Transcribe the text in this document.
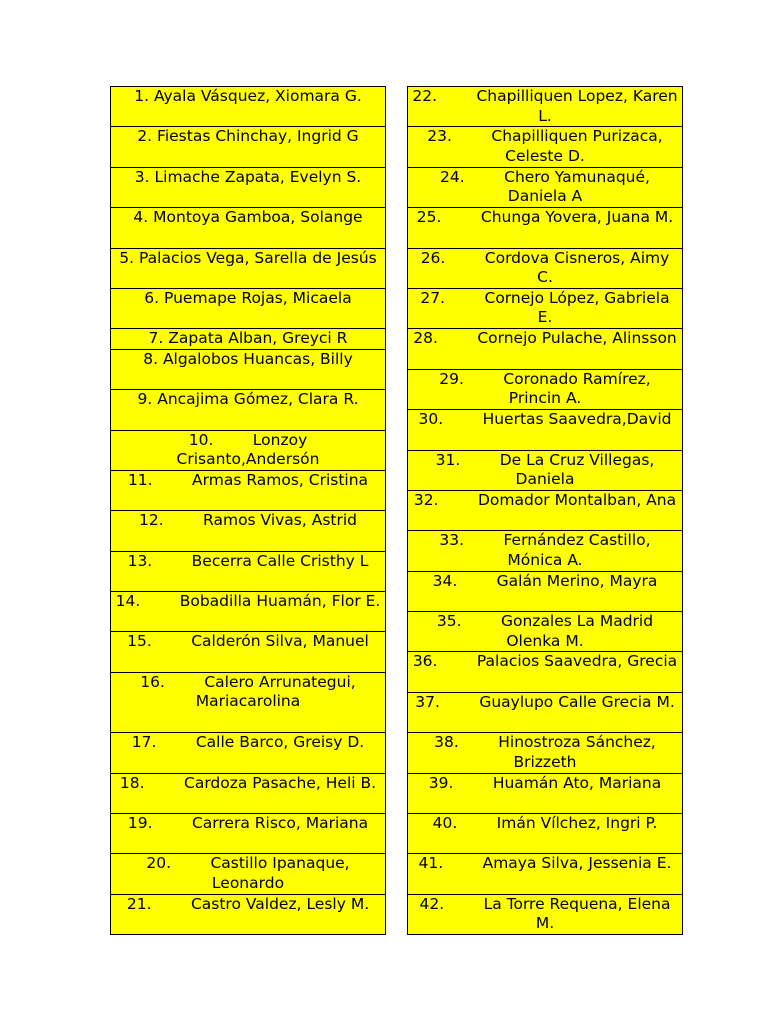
1. Ayala Vásquez, Xiomara G.
2. Fiestas Chinchay, Ingrid G
3. Limache Zapata, Evelyn S.
4. Montoya Gamboa, Solange
5. Palacios Vega, Sarella de Jesús
6. Puemape Rojas, Micaela
7. Zapata Alban, Greyci R
8. Algalobos Huancas, Billy
9. Ancajima Gómez, Clara R.
10.	Lonzoy Crisanto,Andersón
11.	Armas Ramos, Cristina
12.	Ramos Vivas, Astrid
13.	Becerra Calle Cristhy L
14.	Bobadilla Huamán, Flor E.
15.	Calderón Silva, Manuel
16.	Calero Arrunategui, Mariacarolina
17.	Calle Barco, Greisy D.
18.	Cardoza Pasache, Heli B.
19.	Carrera Risco, Mariana
20.	Castillo Ipanaque, Leonardo
21.	Castro Valdez, Lesly M.
22.	Chapilliquen Lopez, Karen L.
23.	Chapilliquen Purizaca, Celeste D.
24.	Chero Yamunaqué, Daniela A
25.	Chunga Yovera, Juana M.
26.	Cordova Cisneros, Aimy C.
27.	Cornejo López, Gabriela E.
28.	Cornejo Pulache, Alinsson
29.	Coronado Ramírez, Princin A.
30.	Huertas Saavedra,David
31.	De La Cruz Villegas, Daniela
32.	Domador Montalban, Ana
33.	Fernández Castillo, Mónica A.
34.	Galán Merino, Mayra
35.	Gonzales La Madrid Olenka M.
36.	Palacios Saavedra, Grecia
37.	Guaylupo Calle Grecia M.
38.	Hinostroza Sánchez, Brizzeth
39.	Huamán Ato, Mariana
40.	Imán Vílchez, Ingri P.
41.	Amaya Silva, Jessenia E.
42.	La Torre Requena, Elena M.
